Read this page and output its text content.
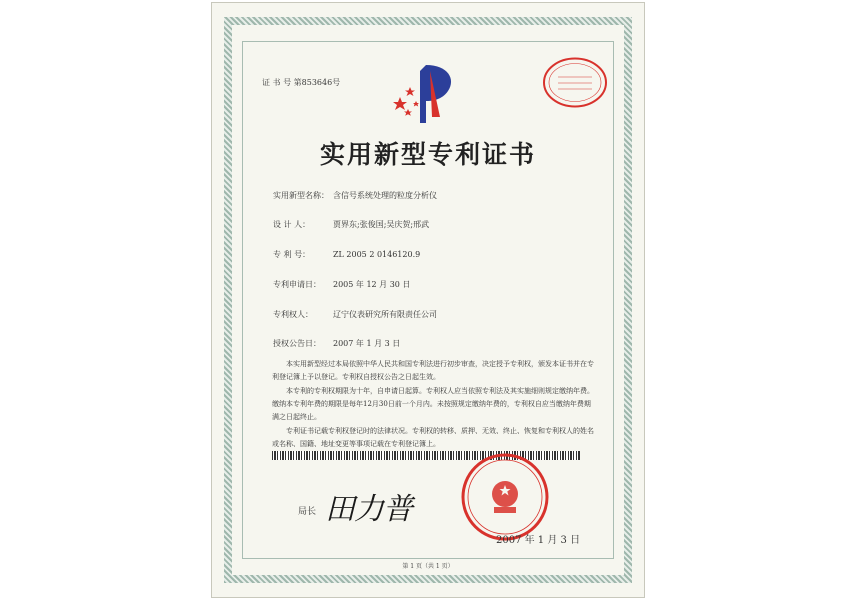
证 书 号 第853646号
实用新型专利证书
实用新型名称： 含信号系统处理的粒度分析仪
设 计 人：	贾界东;张俊国;吴庆贺;邢武
专 利 号：	ZL 2005 2 0146120.9
专利申请日： 2005 年 12 月 30 日
专利权人：	辽宁仪表研究所有限责任公司
授权公告日： 2007 年 1 月 3 日
本实用新型经过本局依照中华人民共和国专利法进行初步审查，决定授予专利权，颁发本证书并在专利登记簿上予以登记。专利权自授权公告之日起生效。
本专利的专利权期限为十年，自申请日起算。专利权人应当依照专利法及其实施细则规定缴纳年费。缴纳本专利年费的期限是每年12月30日前一个月内。未按照规定缴纳年费的，专利权自应当缴纳年费期满之日起终止。
专利证书记载专利权登记时的法律状况。专利权的转移、质押、无效、终止、恢复和专利权人的姓名或名称、国籍、地址变更等事项记载在专利登记簿上。
局长 田力普
2007 年 1 月 3 日
第 1 页（共 1 页）
